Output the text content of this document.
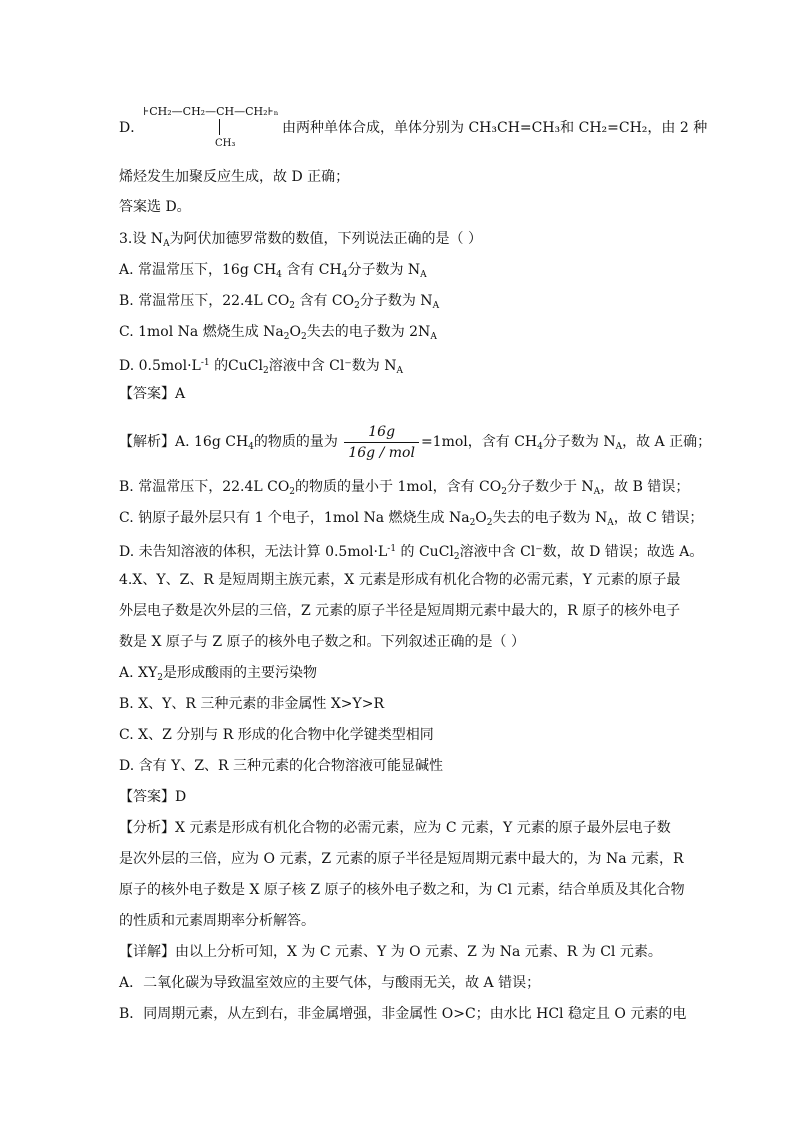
D．
⊦CH₂—CH₂—CH—CH₂⊦ₙ
CH₃
由两种单体合成，单体分别为 CH₃CH=CH₃和 CH₂=CH₂，由 2 种
烯烃发生加聚反应生成，故 D 正确；
答案选 D。
3.设 $N_A$为阿伏加德罗常数的数值，下列说法正确的是（ ）
A. 常温常压下，16g $CH_4$ 含有 $CH_4$分子数为 $N_A$
B. 常温常压下，22.4L $CO_2$ 含有 $CO_2$分子数为 $N_A$
C. 1mol Na 燃烧生成 $Na_2O_2$失去的电子数为 $2N_A$
D. $0.5mol\cdot L^{-1}$ 的CuCl$_2$溶液中含 Cl⁻数为 $N_A$
【答案】A
【解析】A. 16g $CH_4$的物质的量为 $\frac{16g}{\text{16g / mol}} =1mol$，含有 $CH_4$分子数为 $N_A$，故 A 正确；
B. 常温常压下，22.4L $CO_2$的物质的量小于 1mol，含有 $CO_2$分子数少于 $N_A$，故 B 错误；
C. 钠原子最外层只有 1 个电子，1mol Na 燃烧生成 $Na_2O_2$失去的电子数为 $N_A$，故 C 错误；
D. 未告知溶液的体积，无法计算 $0.5mol\cdot L^{-1}$ 的 CuCl$_2$溶液中含 Cl⁻数，故 D 错误；故选 A。
4.X、Y、Z、R 是短周期主族元素，X 元素是形成有机化合物的必需元素，Y 元素的原子最
外层电子数是次外层的三倍，Z 元素的原子半径是短周期元素中最大的，R 原子的核外电子
数是 X 原子与 Z 原子的核外电子数之和。下列叙述正确的是（ ）
A. $XY_2$是形成酸雨的主要污染物
B. X、Y、R 三种元素的非金属性 X>Y>R
C. X、Z 分别与 R 形成的化合物中化学键类型相同
D. 含有 Y、Z、R 三种元素的化合物溶液可能显碱性
【答案】D
【分析】X 元素是形成有机化合物的必需元素，应为 C 元素，Y 元素的原子最外层电子数
是次外层的三倍，应为 O 元素，Z 元素的原子半径是短周期元素中最大的，为 Na 元素，R
原子的核外电子数是 X 原子核 Z 原子的核外电子数之和，为 Cl 元素，结合单质及其化合物
的性质和元素周期率分析解答。
【详解】由以上分析可知，X 为 C 元素、Y 为 O 元素、Z 为 Na 元素、R 为 Cl 元素。
A．二氧化碳为导致温室效应的主要气体，与酸雨无关，故 A 错误；
B．同周期元素，从左到右，非金属增强，非金属性 O>C；由水比 HCl 稳定且 O 元素的电
